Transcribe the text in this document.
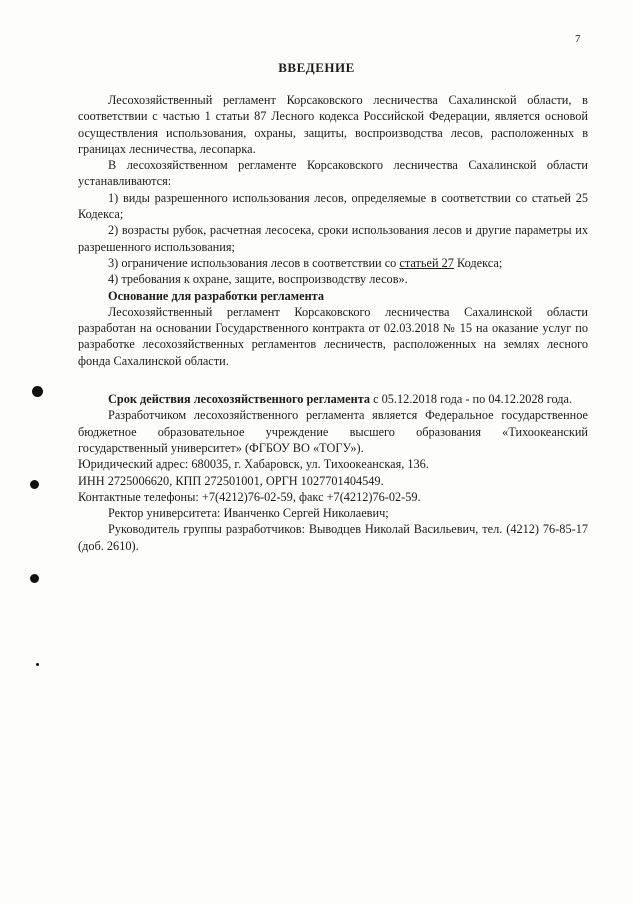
7
ВВЕДЕНИЕ

Лесохозяйственный регламент Корсаковского лесничества Сахалинской области, в соответствии с частью 1 статьи 87 Лесного кодекса Российской Федерации, является основой осуществления использования, охраны, защиты, воспроизводства лесов, расположенных в границах лесничества, лесопарка.

В лесохозяйственном регламенте Корсаковского лесничества Сахалинской области устанавливаются:

1) виды разрешенного использования лесов, определяемые в соответствии со статьей 25 Кодекса;

2) возрасты рубок, расчетная лесосека, сроки использования лесов и другие параметры их разрешенного использования;

3) ограничение использования лесов в соответствии со статьей 27 Кодекса;

4) требования к охране, защите, воспроизводству лесов».

Основание для разработки регламента

Лесохозяйственный регламент Корсаковского лесничества Сахалинской области разработан на основании Государственного контракта от 02.03.2018 № 15 на оказание услуг по разработке лесохозяйственных регламентов лесничеств, расположенных на землях лесного фонда Сахалинской области.

Срок действия лесохозяйственного регламента с 05.12.2018 года - по 04.12.2028 года.

Разработчиком лесохозяйственного регламента является Федеральное государственное бюджетное образовательное учреждение высшего образования «Тихоокеанский государственный университет» (ФГБОУ ВО «ТОГУ»).

Юридический адрес: 680035, г. Хабаровск, ул. Тихоокеанская, 136.

ИНН 2725006620, КПП 272501001, ОРГН 1027701404549.

Контактные телефоны: +7(4212)76-02-59, факс +7(4212)76-02-59.

Ректор университета: Иванченко Сергей Николаевич;

Руководитель группы разработчиков: Выводцев Николай Васильевич, тел. (4212) 76-85-17 (доб. 2610).
